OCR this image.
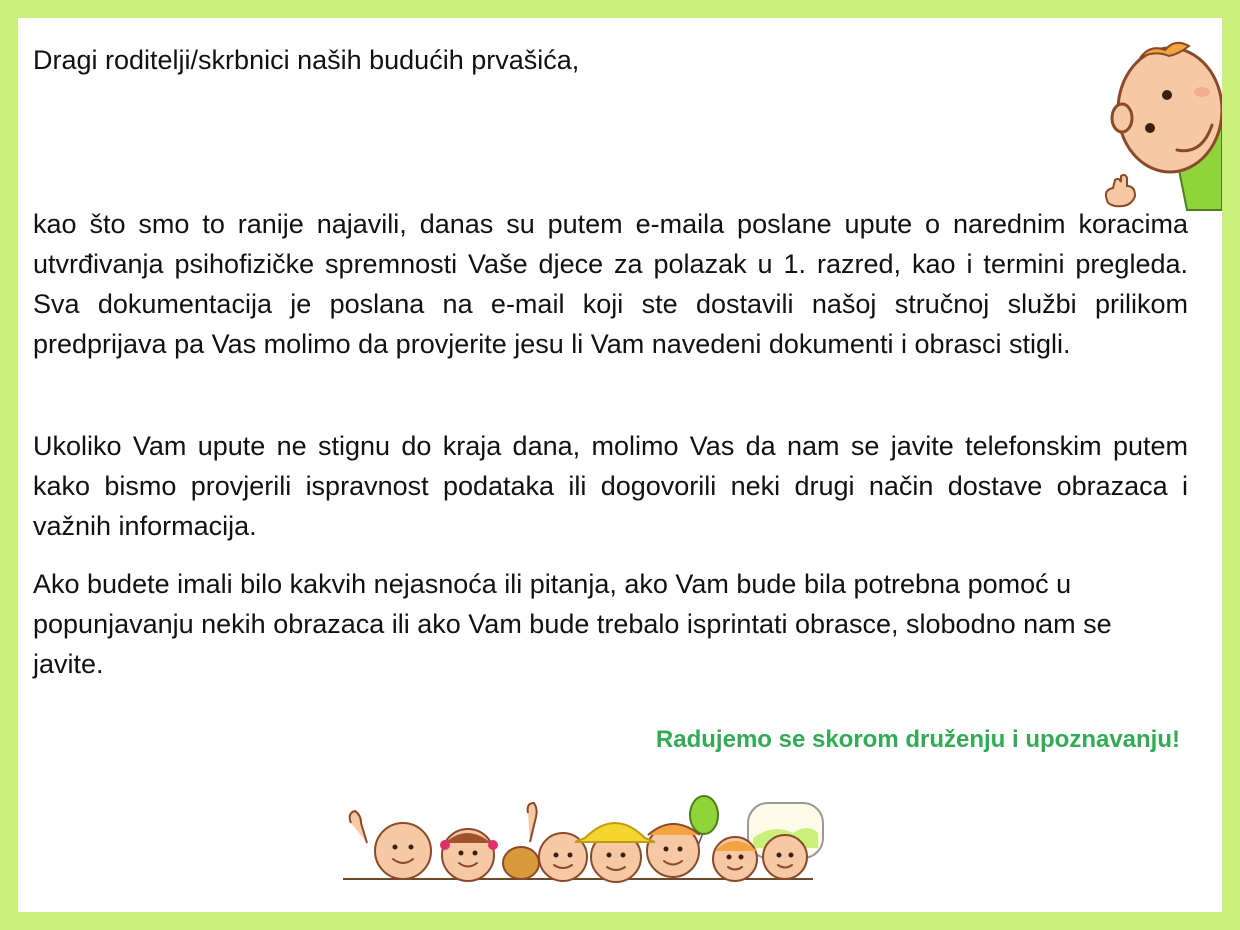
Dragi roditelji/skrbnici naših budućih prvašića,

kao što smo to ranije najavili, danas su putem e-maila poslane upute o narednim koracima utvrđivanja psihofizičke spremnosti Vaše djece za polazak u 1. razred, kao i termini pregleda. Sva dokumentacija je poslana na e-mail koji ste dostavili našoj stručnoj službi prilikom predprijava pa Vas molimo da provjerite jesu li Vam navedeni dokumenti i obrasci stigli.

Ukoliko Vam upute ne stignu do kraja dana, molimo Vas da nam se javite telefonskim putem kako bismo provjerili ispravnost podataka ili dogovorili neki drugi način dostave obrazaca i važnih informacija.

Ako budete imali bilo kakvih nejasnoća ili pitanja, ako Vam bude bila potrebna pomoć u popunjavanju nekih obrazaca ili ako Vam bude trebalo isprintati obrasce, slobodno nam se javite.

Radujemo se skorom druženju i upoznavanju!
